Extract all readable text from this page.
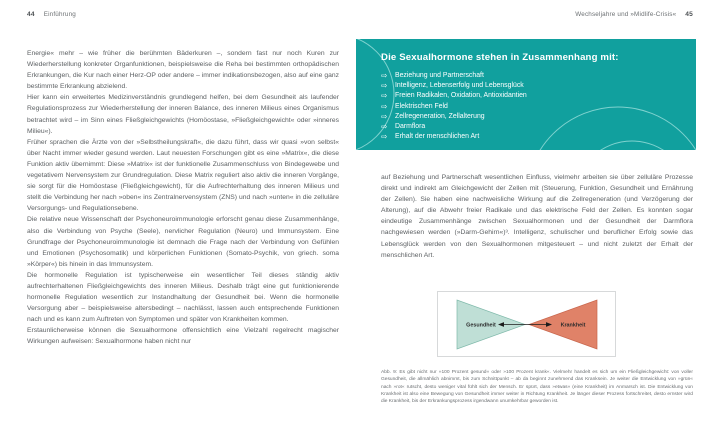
44 Einführung	Wechseljahre und »Midlife-Crisis« 45

Energie« mehr – wie früher die berühmten Bäderkuren –, sondern fast nur noch Kuren zur Wiederherstellung konkreter Organfunktionen, beispielsweise die Reha bei bestimmten orthopädischen Erkrankungen, die Kur nach einer Herz-OP oder andere – immer indikationsbezogen, also auf eine ganz bestimmte Erkrankung abzielend.

Hier kann ein erweitertes Medizinverständnis grundlegend helfen, bei dem Gesundheit als laufender Regulationsprozess zur Wiederherstellung der inneren Balance, des inneren Milieus eines Organismus betrachtet wird – im Sinn eines Fließgleichgewichts (Homöostase, »Fließgleichgewicht« oder »inneres Milieu«).

Früher sprachen die Ärzte von der »Selbstheilungskraft«, die dazu führt, dass wir quasi »von selbst« über Nacht immer wieder gesund werden. Laut neuesten Forschungen gibt es eine »Matrix«, die diese Funktion aktiv übernimmt: Diese »Matrix« ist der funktionelle Zusammenschluss von Bindegewebe und vegetativem Nervensystem zur Grundregulation. Diese Matrix reguliert also aktiv die inneren Vorgänge, sie sorgt für die Homöostase (Fließgleichgewicht), für die Aufrechterhaltung des inneren Milieus und stellt die Verbindung her nach »oben« ins Zentralnervensystem (ZNS) und nach »unten« in die zelluläre Versorgungs- und Regulationsebene.

Die relative neue Wissenschaft der Psychoneuroimmunologie erforscht genau diese Zusammenhänge, also die Verbindung von Psyche (Seele), nervlicher Regulation (Neuro) und Immunsystem. Eine Grundfrage der Psychoneuroimmunologie ist demnach die Frage nach der Verbindung von Gefühlen und Emotionen (Psychosomatik) und körperlichen Funktionen (Somato-Psychik, von griech. soma »Körper«) bis hinein in das Immunsystem.

Die hormonelle Regulation ist typischerweise ein wesentlicher Teil dieses ständig aktiv aufrechterhaltenen Fließgleichgewichts des inneren Milieus. Deshalb trägt eine gut funktionierende hormonelle Regulation wesentlich zur Instandhaltung der Gesundheit bei. Wenn die hormonelle Versorgung aber – beispielsweise altersbedingt – nachlässt, lassen auch entsprechende Funktionen nach und es kann zum Auftreten von Symptomen und später von Krankheiten kommen.

Erstaunlicherweise können die Sexualhormone offensichtlich eine Vielzahl regelrecht magischer Wirkungen aufweisen: Sexualhormone haben nicht nur

Die Sexualhormone stehen in Zusammenhang mit:
⇨ Beziehung und Partnerschaft
⇨ Intelligenz, Lebenserfolg und Lebensglück
⇨ Freien Radikalen, Oxidation, Antioxidantien
⇨ Elektrischen Feld
⇨ Zellregeneration, Zellalterung
⇨ Darmflora
⇨ Erhalt der menschlichen Art

auf Beziehung und Partnerschaft wesentlichen Einfluss, vielmehr arbeiten sie über zelluläre Prozesse direkt und indirekt am Gleichgewicht der Zellen mit (Steuerung, Funktion, Gesundheit und Ernährung der Zellen). Sie haben eine nachweisliche Wirkung auf die Zellregeneration (und Verzögerung der Alterung), auf die Abwehr freier Radikale und das elektrische Feld der Zellen. Es konnten sogar eindeutige Zusammenhänge zwischen Sexualhormonen und der Gesundheit der Darmflora nachgewiesen werden (»Darm-Gehirn«)³. Intelligenz, schulischer und beruflicher Erfolg sowie das Lebensglück werden von den Sexualhormonen mitgesteuert – und nicht zuletzt der Erhalt der menschlichen Art.

Gesundheit	Krankheit
Abb. 9: Es gibt nicht nur »100 Prozent gesund« oder »100 Prozent krank«. Vielmehr handelt es sich um ein Fließgleichgewicht: von voller Gesundheit, die allmählich abnimmt, bis zum Schnittpunkt – ab da beginnt zunehmend das Kranksein. Je weiter die Entwicklung von »grün« nach »rot« rutscht, desto weniger vital fühlt sich der Mensch. Er spürt, dass »etwas« (eine Krankheit) im Anmarsch ist. Die Entwicklung von Krankheit ist also eine Bewegung von Gesundheit immer weiter in Richtung Krankheit. Je länger dieser Prozess fortschreitet, desto ernster wird die Krankheit, bis der Erkrankungsprozess irgendwann unumkehrbar geworden ist.
